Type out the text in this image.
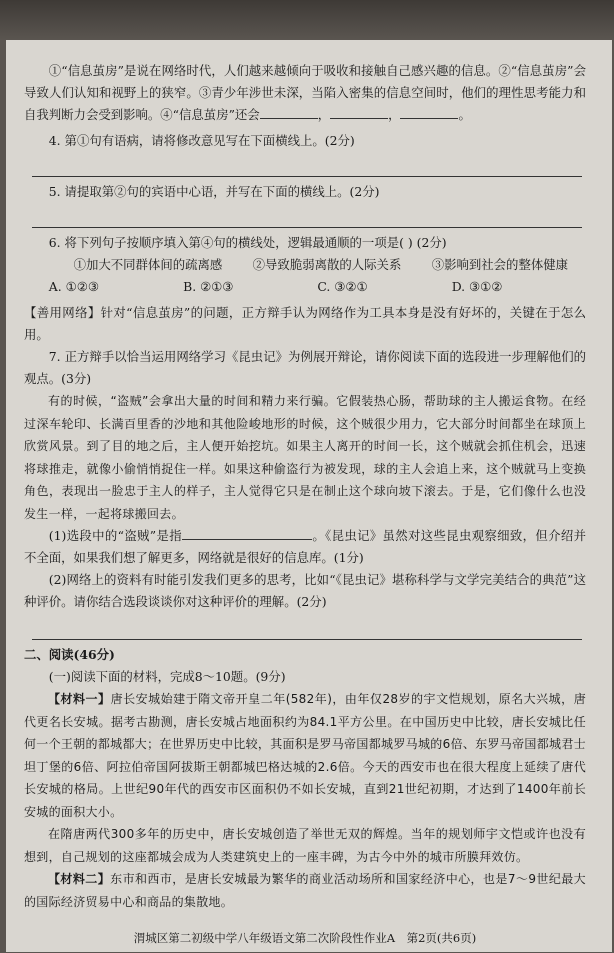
①“信息茧房”是说在网络时代，人们越来越倾向于吸收和接触自己感兴趣的信息。②“信息茧房”会导致人们认知和视野上的狭窄。③青少年涉世未深，当陷入密集的信息空间时，他们的理性思考能力和自我判断力会受到影响。④“信息茧房”还会	，	，	。

4. 第①句有语病，请将修改意见写在下面横线上。(2分)

5. 请提取第②句的宾语中心语，并写在下面的横线上。(2分)

6. 将下列句子按顺序填入第④句的横线处，逻辑最通顺的一项是( ) (2分)

①加大不同群体间的疏离感	②导致脆弱离散的人际关系	③影响到社会的整体健康
A. ①②③	B. ②①③	C. ③②①	D. ③①②

【善用网络】针对“信息茧房”的问题，正方辩手认为网络作为工具本身是没有好坏的，关键在于怎么用。

7. 正方辩手以恰当运用网络学习《昆虫记》为例展开辩论，请你阅读下面的选段进一步理解他们的观点。(3分)

有的时候，“盗贼”会拿出大量的时间和精力来行骗。它假装热心肠，帮助球的主人搬运食物。在经过深车轮印、长满百里香的沙地和其他险峻地形的时候，这个贼很少用力，它大部分时间都坐在球顶上欣赏风景。到了目的地之后，主人便开始挖坑。如果主人离开的时间一长，这个贼就会抓住机会，迅速将球推走，就像小偷悄悄捉住一样。如果这种偷盗行为被发现，球的主人会追上来，这个贼就马上变换角色，表现出一脸忠于主人的样子，主人觉得它只是在制止这个球向坡下滚去。于是，它们像什么也没发生一样，一起将球搬回去。

(1)选段中的“盗贼”是指	。《昆虫记》虽然对这些昆虫观察细致，但介绍并不全面，如果我们想了解更多，网络就是很好的信息库。(1分)

(2)网络上的资料有时能引发我们更多的思考，比如“《昆虫记》堪称科学与文学完美结合的典范”这种评价。请你结合选段谈谈你对这种评价的理解。(2分)

二、阅读(46分)

(一)阅读下面的材料，完成8～10题。(9分)

【材料一】唐长安城始建于隋文帝开皇二年(582年)，由年仅28岁的宇文恺规划，原名大兴城，唐代更名长安城。据考古勘测，唐长安城占地面积约为84.1平方公里。在中国历史中比较，唐长安城比任何一个王朝的都城都大；在世界历史中比较，其面积是罗马帝国都城罗马城的6倍、东罗马帝国都城君士坦丁堡的6倍、阿拉伯帝国阿拔斯王朝都城巴格达城的2.6倍。今天的西安市也在很大程度上延续了唐代长安城的格局。上世纪90年代的西安市区面积仍不如长安城，直到21世纪初期，才达到了1400年前长安城的面积大小。

在隋唐两代300多年的历史中，唐长安城创造了举世无双的辉煌。当年的规划师宇文恺或许也没有想到，自己规划的这座都城会成为人类建筑史上的一座丰碑，为古今中外的城市所膜拜效仿。

【材料二】东市和西市，是唐长安城最为繁华的商业活动场所和国家经济中心，也是7～9世纪最大的国际经济贸易中心和商品的集散地。

渭城区第二初级中学八年级语文第二次阶段性作业A　第2页(共6页)
